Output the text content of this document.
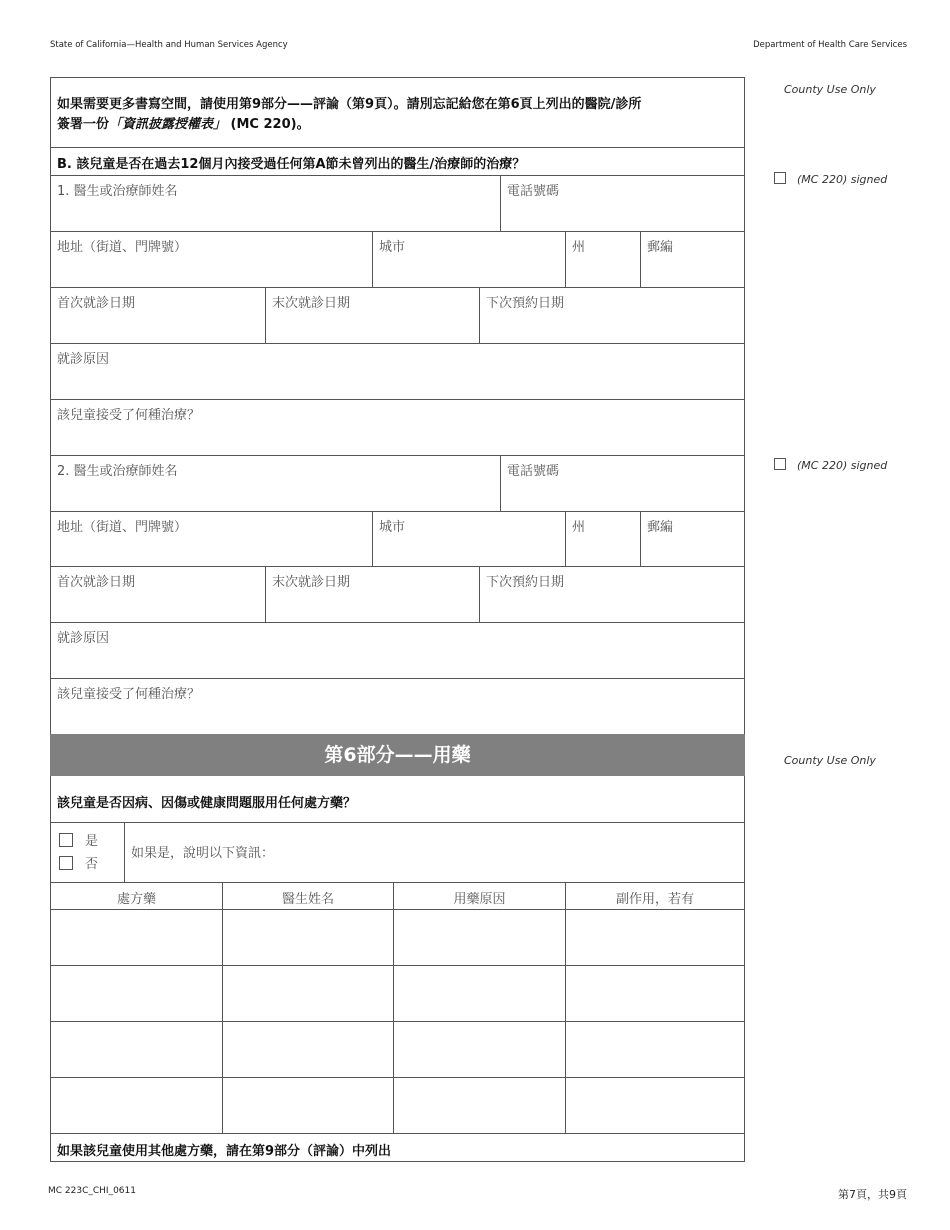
State of California—Health and Human Services Agency	Department of Health Care Services
如果需要更多書寫空間，請使用第9部分——評論（第9頁）。請別忘記給您在第6頁上列出的醫院/診所
簽署一份「資訊披露授權表」 (MC 220)。
B. 該兒童是否在過去12個月內接受過任何第A節未曾列出的醫生/治療師的治療？
1. 醫生或治療師姓名	電話號碼
地址（街道、門牌號）	城市	州	郵編
首次就診日期	末次就診日期	下次預約日期
就診原因
該兒童接受了何種治療？
2. 醫生或治療師姓名	電話號碼
地址（街道、門牌號）	城市	州	郵編
首次就診日期	末次就診日期	下次預約日期
就診原因
該兒童接受了何種治療？
第6部分——用藥
該兒童是否因病、因傷或健康問題服用任何處方藥？
是
否
如果是，說明以下資訊：
處方藥	醫生姓名	用藥原因	副作用，若有
如果該兒童使用其他處方藥，請在第9部分（評論）中列出
County Use Only
(MC 220) signed
(MC 220) signed
County Use Only
MC 223C_CHI_0611	第7頁，共9頁
